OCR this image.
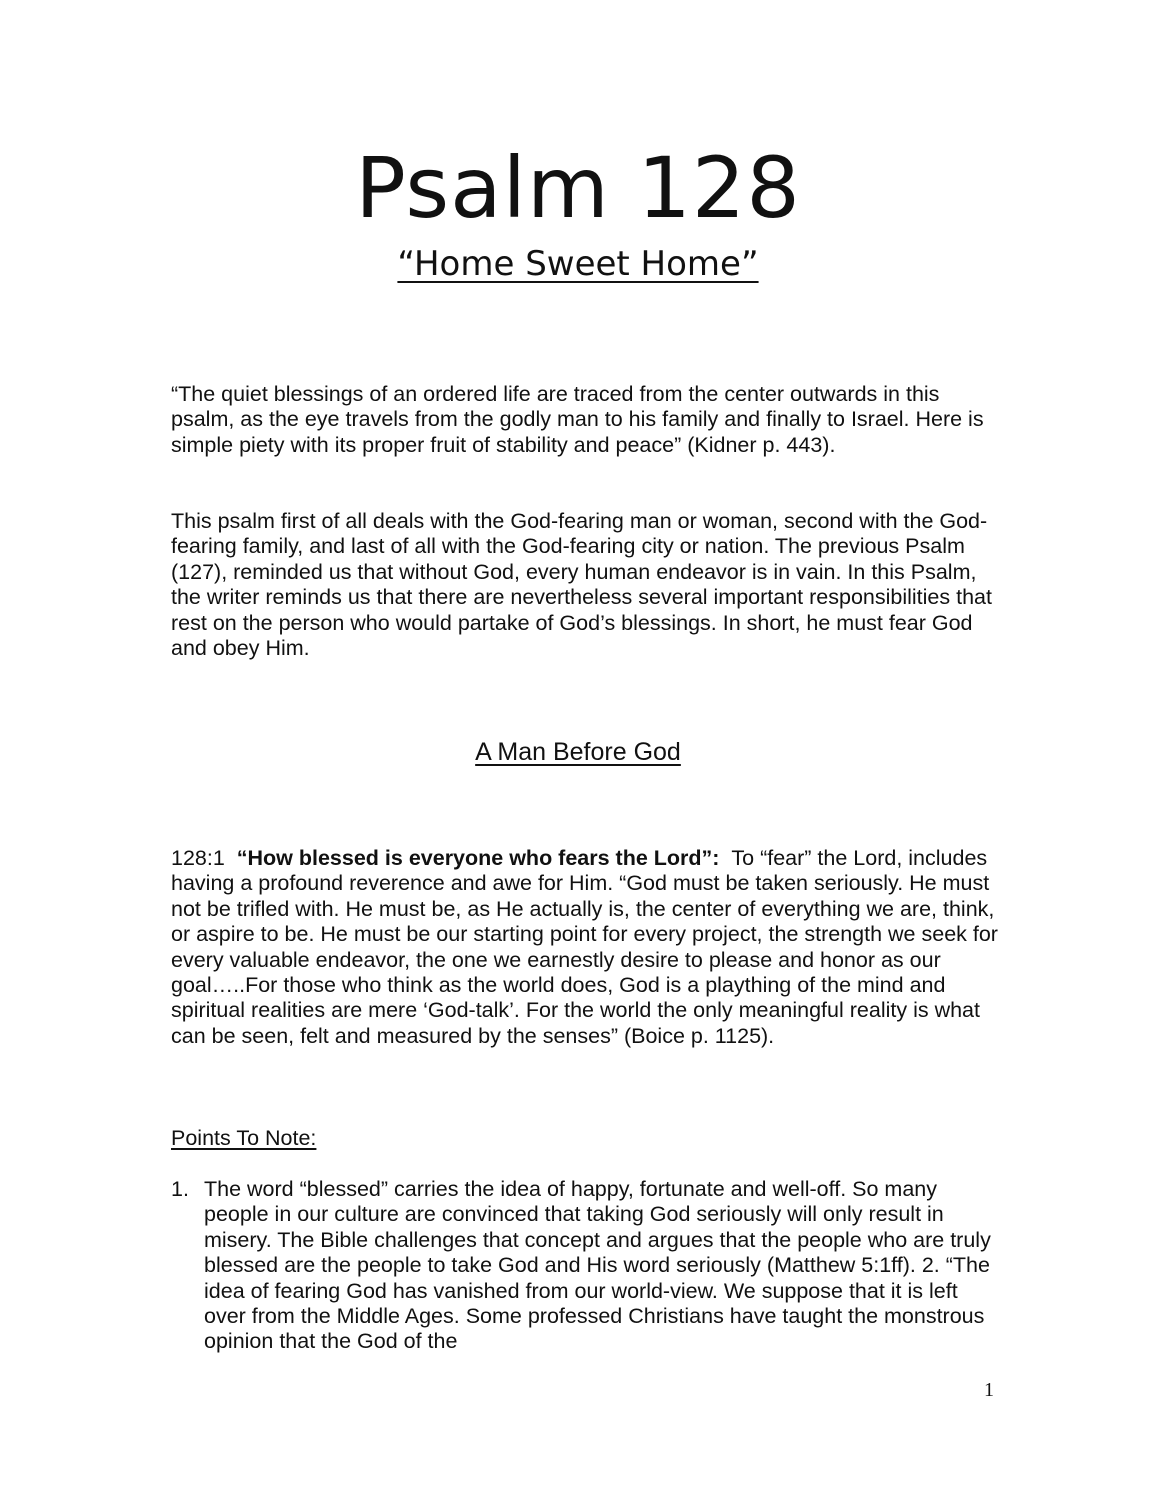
Psalm 128
“Home Sweet Home”

“The quiet blessings of an ordered life are traced from the center outwards in this psalm, as the eye travels from the godly man to his family and finally to Israel. Here is simple piety with its proper fruit of stability and peace” (Kidner p. 443).

This psalm first of all deals with the God-fearing man or woman, second with the God-fearing family, and last of all with the God-fearing city or nation. The previous Psalm (127), reminded us that without God, every human endeavor is in vain. In this Psalm, the writer reminds us that there are nevertheless several important responsibilities that rest on the person who would partake of God’s blessings. In short, he must fear God and obey Him.

A Man Before God

128:1 “How blessed is everyone who fears the Lord”: To “fear” the Lord, includes having a profound reverence and awe for Him. “God must be taken seriously. He must not be trifled with. He must be, as He actually is, the center of everything we are, think, or aspire to be. He must be our starting point for every project, the strength we seek for every valuable endeavor, the one we earnestly desire to please and honor as our goal…..For those who think as the world does, God is a plaything of the mind and spiritual realities are mere ‘God-talk’. For the world the only meaningful reality is what can be seen, felt and measured by the senses” (Boice p. 1125).

Points To Note:

1. The word “blessed” carries the idea of happy, fortunate and well-off. So many people in our culture are convinced that taking God seriously will only result in misery. The Bible challenges that concept and argues that the people who are truly blessed are the people to take God and His word seriously (Matthew 5:1ff). 2. “The idea of fearing God has vanished from our world-view. We suppose that it is left over from the Middle Ages. Some professed Christians have taught the monstrous opinion that the God of the
1
